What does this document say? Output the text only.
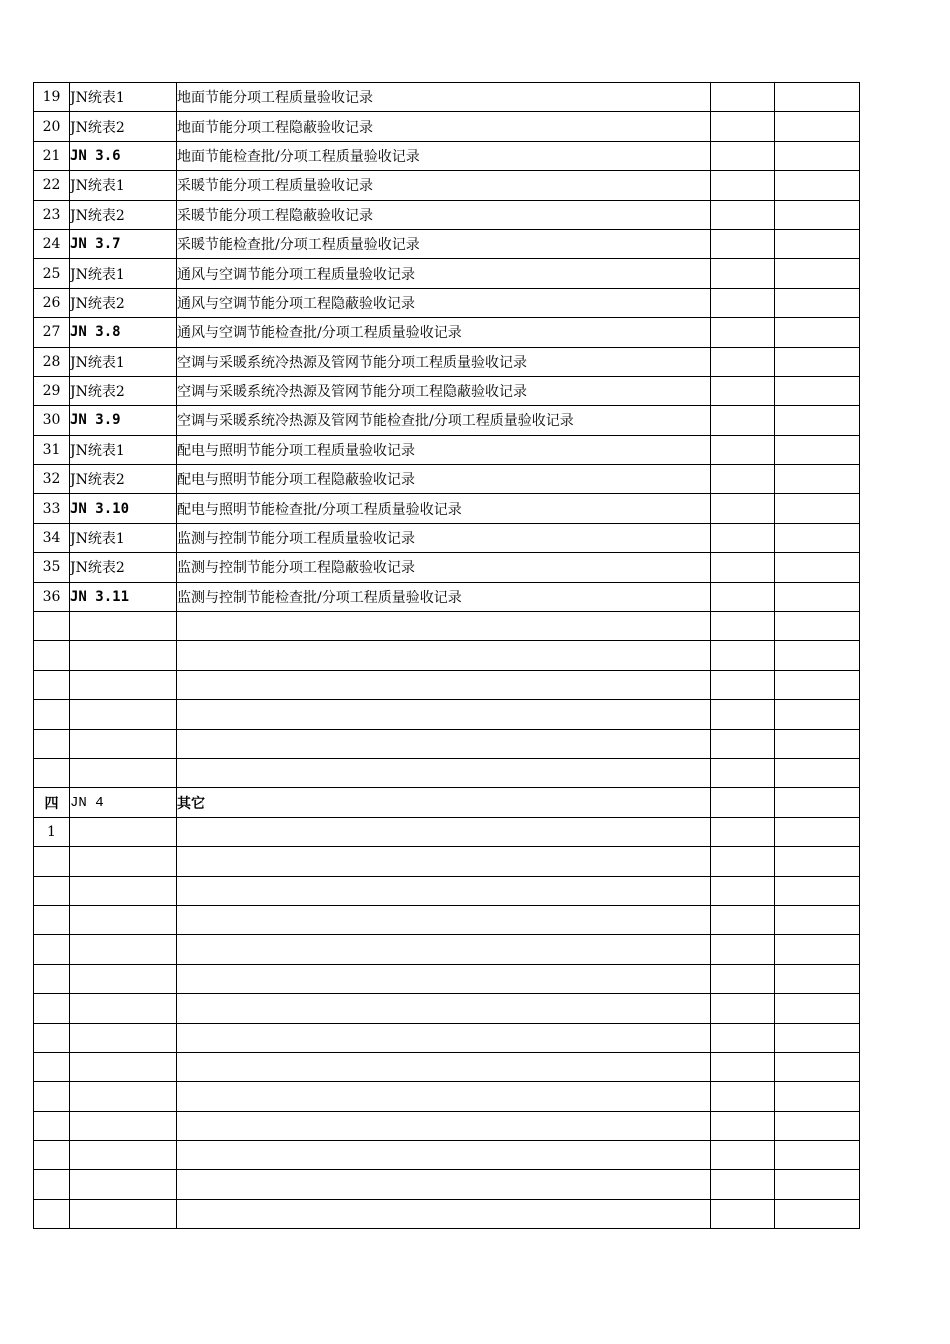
19	JN统表1	地面节能分项工程质量验收记录		
20	JN统表2	地面节能分项工程隐蔽验收记录		
21	JN 3.6	地面节能检查批/分项工程质量验收记录		
22	JN统表1	采暖节能分项工程质量验收记录		
23	JN统表2	采暖节能分项工程隐蔽验收记录		
24	JN 3.7	采暖节能检查批/分项工程质量验收记录		
25	JN统表1	通风与空调节能分项工程质量验收记录		
26	JN统表2	通风与空调节能分项工程隐蔽验收记录		
27	JN 3.8	通风与空调节能检查批/分项工程质量验收记录		
28	JN统表1	空调与采暖系统冷热源及管网节能分项工程质量验收记录		
29	JN统表2	空调与采暖系统冷热源及管网节能分项工程隐蔽验收记录		
30	JN 3.9	空调与采暖系统冷热源及管网节能检查批/分项工程质量验收记录		
31	JN统表1	配电与照明节能分项工程质量验收记录		
32	JN统表2	配电与照明节能分项工程隐蔽验收记录		
33	JN 3.10	配电与照明节能检查批/分项工程质量验收记录		
34	JN统表1	监测与控制节能分项工程质量验收记录		
35	JN统表2	监测与控制节能分项工程隐蔽验收记录		
36	JN 3.11	监测与控制节能检查批/分项工程质量验收记录		

四	JN 4	其它		
1				
